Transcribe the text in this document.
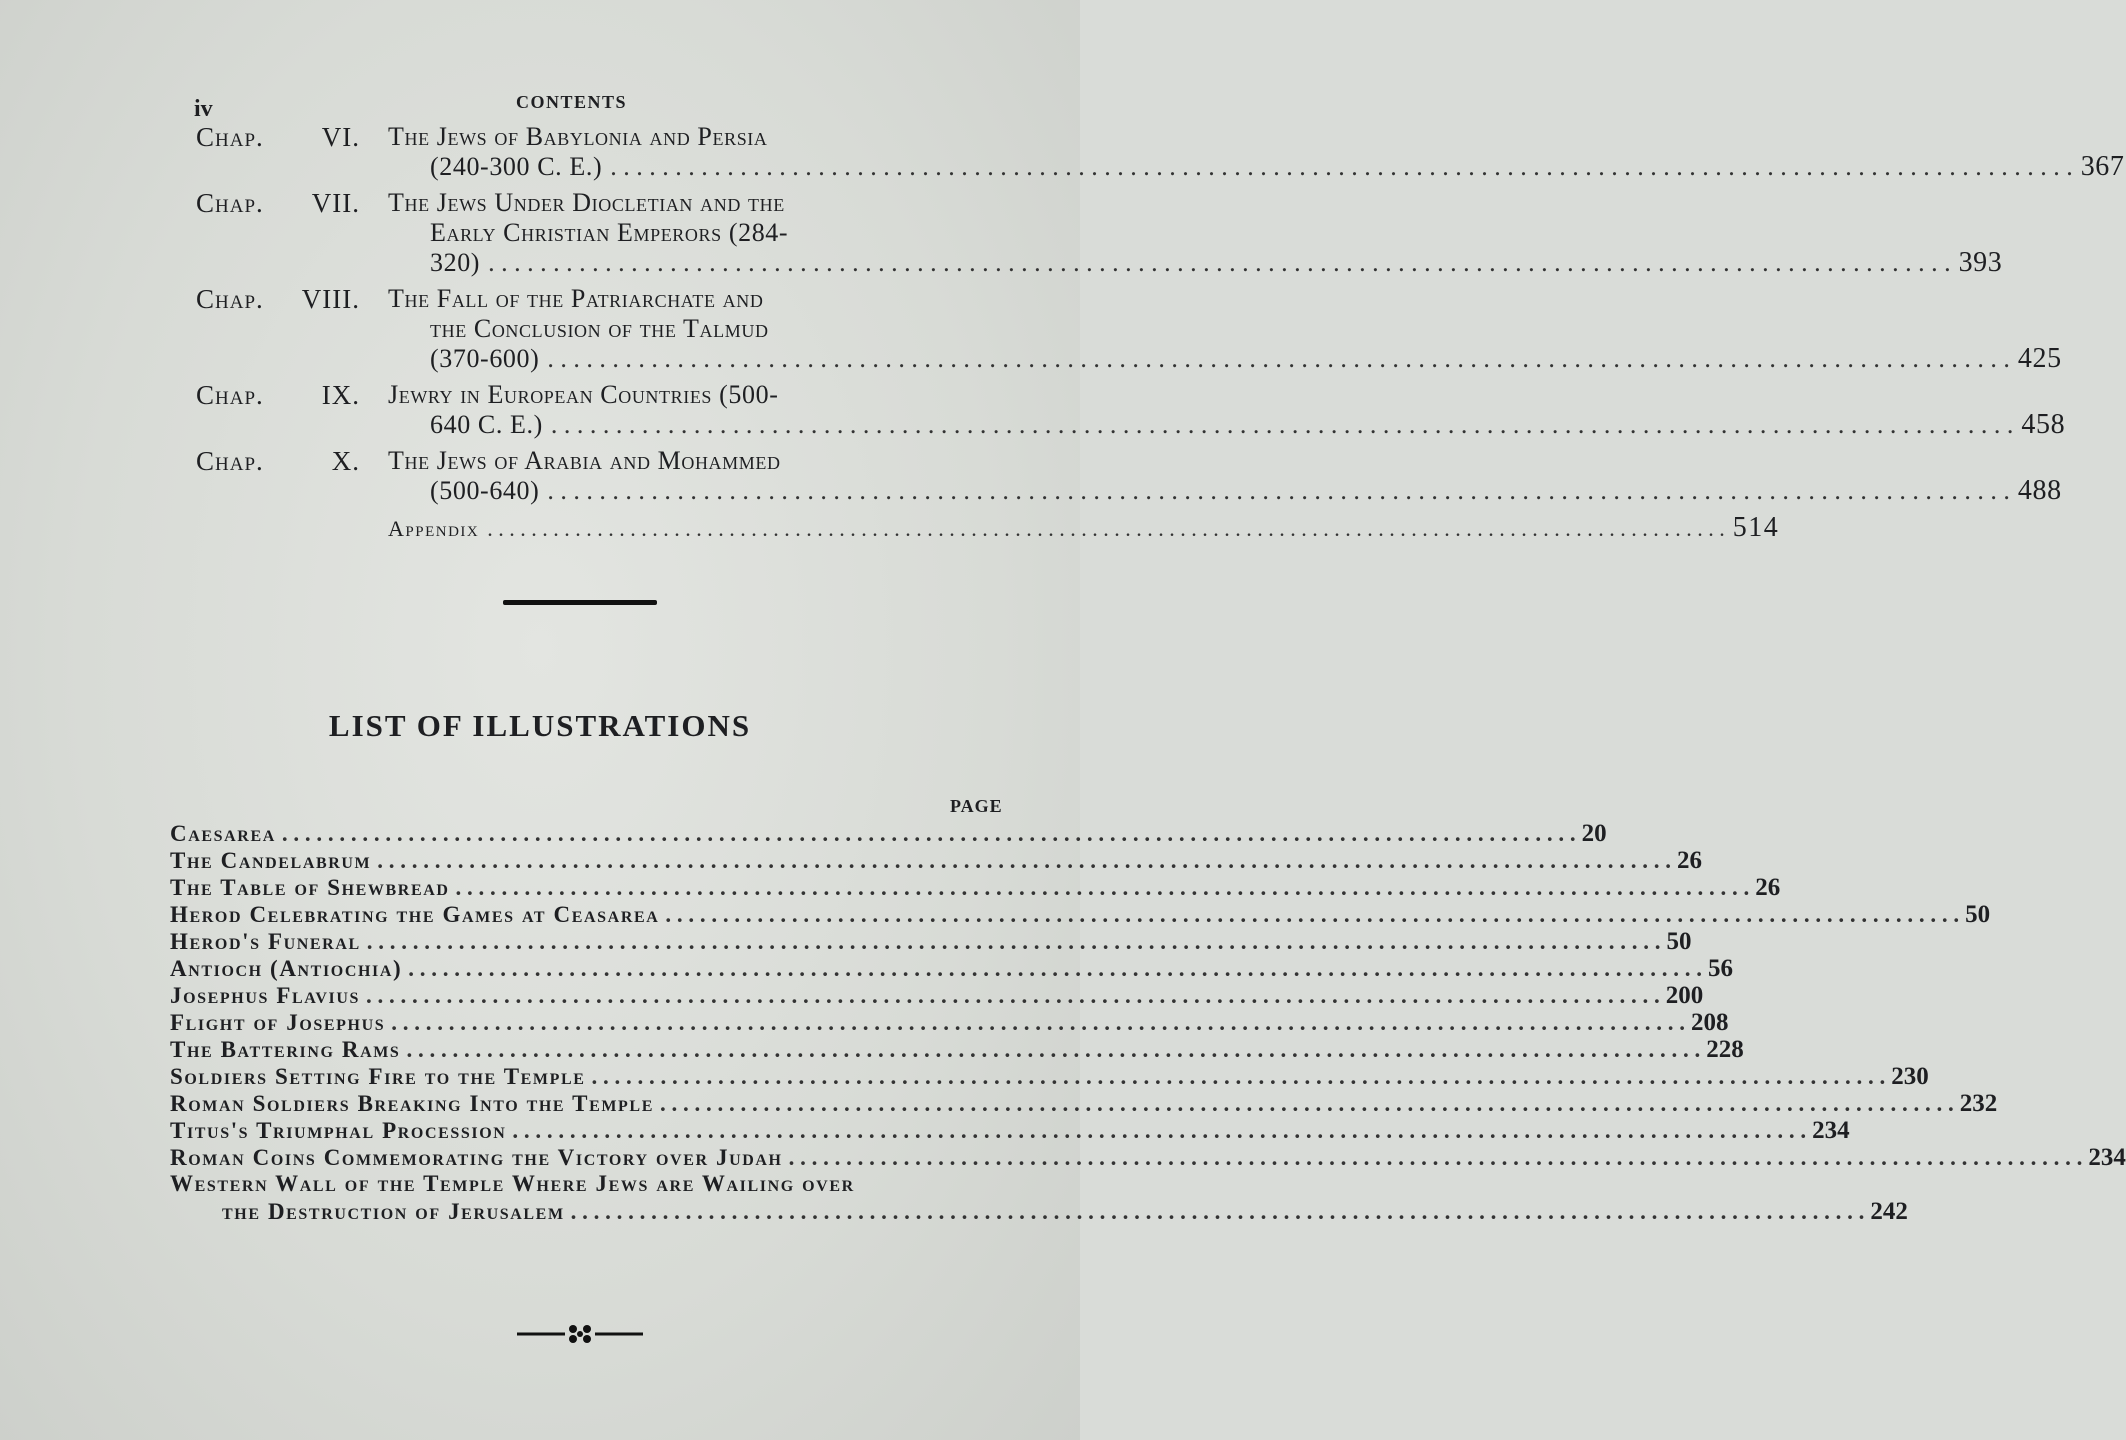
iv	CONTENTS
Chap. VI. The Jews of Babylonia and Persia
(240-300 C. E.) . . .	367
Chap. VII. The Jews Under Diocletian and the
Early Christian Emperors (284-
320) . . .	393
Chap. VIII. The Fall of the Patriarchate and
the Conclusion of the Talmud
(370-600) . . .	425
Chap. IX. Jewry in European Countries (500-
640 C. E.) . . .	458
Chap.	X. The Jews of Arabia and Mohammed
(500-640) . . .	488
Appendix . . .	514
LIST OF ILLUSTRATIONS
PAGE
Caesarea . . .	20
The Candelabrum . . .	26
The Table of Shewbread . . .	26
Herod Celebrating the Games at Ceasarea . . .	50
Herod's Funeral . . .	50
Antioch (Antiochia) . . .	56
Josephus Flavius . . .	200
Flight of Josephus . . .	208
The Battering Rams . . .	228
Soldiers Setting Fire to the Temple . . .	230
Roman Soldiers Breaking Into the Temple . . .	232
Titus's Triumphal Procession . . .	234
Roman Coins Commemorating the Victory over Judah . . .	234
Western Wall of the Temple Where Jews are Wailing over
the Destruction of Jerusalem . . .	242
